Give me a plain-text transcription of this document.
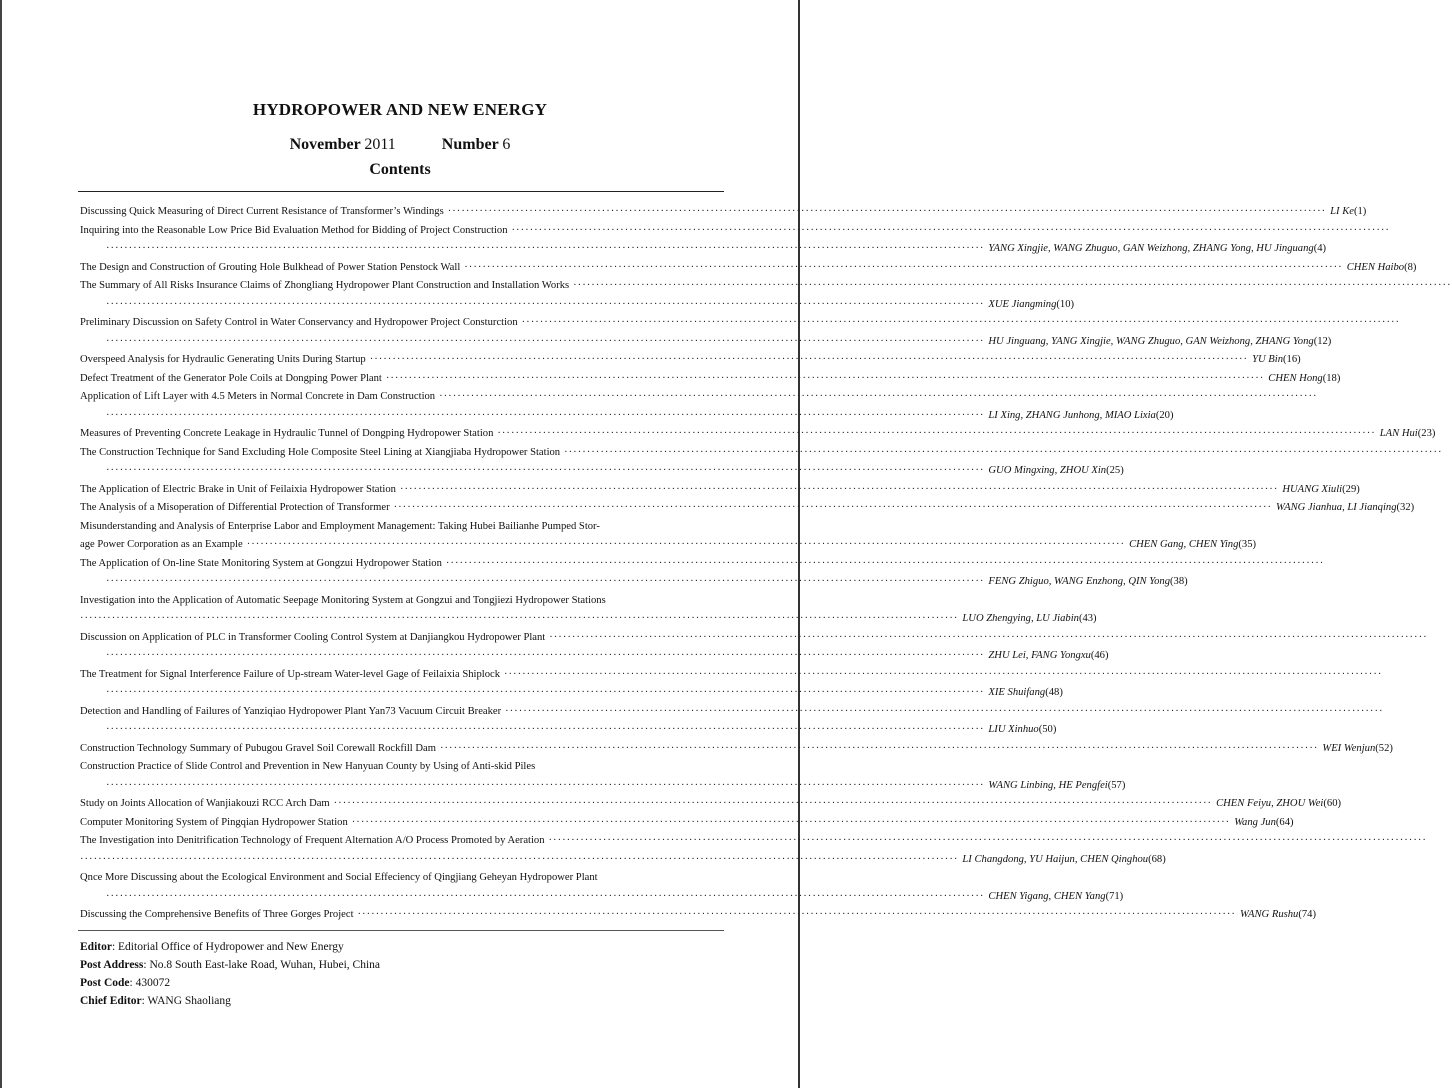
HYDROPOWER AND NEW ENERGY
November 2011	Number 6
Contents
Discussing Quick Measuring of Direct Current Resistance of Transformer’s Windings ·····	LI Ke (1)
Inquiring into the Reasonable Low Price Bid Evaluation Method for Bidding of Project Construction
·····
·····
YANG Xingjie, WANG Zhuguo, GAN Weizhong, ZHANG Yong, HU Jinguang (4)
The Design and Construction of Grouting Hole Bulkhead of Power Station Penstock Wall ·····	CHEN Haibo (8)
The Summary of All Risks Insurance Claims of Zhongliang Hydropower Plant Construction and Installation Works
·····
·····
XUE Jiangming (10)
Preliminary Discussion on Safety Control in Water Conservancy and Hydropower Project Consturction
·····
·····
HU Jinguang, YANG Xingjie, WANG Zhuguo, GAN Weizhong, ZHANG Yong (12)
Overspeed Analysis for Hydraulic Generating Units During Startup ·····	YU Bin (16)
Defect Treatment of the Generator Pole Coils at Dongping Power Plant ·····	CHEN Hong (18)
Application of Lift Layer with 4.5 Meters in Normal Concrete in Dam Construction
·····
·····
LI Xing, ZHANG Junhong, MIAO Lixia (20)
Measures of Preventing Concrete Leakage in Hydraulic Tunnel of Dongping Hydropower Station ·····	LAN Hui (23)
The Construction Technique for Sand Excluding Hole Composite Steel Lining at Xiangjiaba Hydropower Station
·····
·····
GUO Mingxing, ZHOU Xin (25)
The Application of Electric Brake in Unit of Feilaixia Hydropower Station ·····	HUANG Xiuli (29)
The Analysis of a Misoperation of Differential Protection of Transformer ·····	WANG Jianhua, LI Jianqing (32)
Misunderstanding and Analysis of Enterprise Labor and Employment Management: Taking Hubei Bailianhe Pumped Stor-
age Power Corporation as an Example ·····	CHEN Gang, CHEN Ying (35)
The Application of On-line State Monitoring System at Gongzui Hydropower Station
·····
·····
FENG Zhiguo, WANG Enzhong, QIN Yong (38)
Investigation into the Application of Automatic Seepage Monitoring System at Gongzui and Tongjiezi Hydropower Stations
·····
LUO Zhengying, LU Jiabin (43)
Discussion on Application of PLC in Transformer Cooling Control System at Danjiangkou Hydropower Plant
·····
·····
ZHU Lei, FANG Yongxu (46)
The Treatment for Signal Interference Failure of Up-stream Water-level Gage of Feilaixia Shiplock
·····
·····
XIE Shuifang (48)
Detection and Handling of Failures of Yanziqiao Hydropower Plant Yan73 Vacuum Circuit Breaker
·····
·····
LIU Xinhuo (50)
Construction Technology Summary of Pubugou Gravel Soil Corewall Rockfill Dam ·····	WEI Wenjun (52)
Construction Practice of Slide Control and Prevention in New Hanyuan County by Using of Anti-skid Piles
·····
WANG Linbing, HE Pengfei (57)
Study on Joints Allocation of Wanjiakouzi RCC Arch Dam ·····	CHEN Feiyu, ZHOU Wei (60)
Computer Monitoring System of Pingqian Hydropower Station ·····	Wang Jun (64)
The Investigation into Denitrification Technology of Frequent Alternation A/O Process Promoted by Aeration
·····
·····
LI Changdong, YU Haijun, CHEN Qinghou (68)
Qnce More Discussing about the Ecological Environment and Social Effeciency of Qingjiang Geheyan Hydropower Plant
·····
CHEN Yigang, CHEN Yang (71)
Discussing the Comprehensive Benefits of Three Gorges Project ·····	WANG Rushu (74)
Editor: Editorial Office of Hydropower and New Energy
Post Address: No.8 South East-lake Road, Wuhan, Hubei, China
Post Code: 430072
Chief Editor: WANG Shaoliang
